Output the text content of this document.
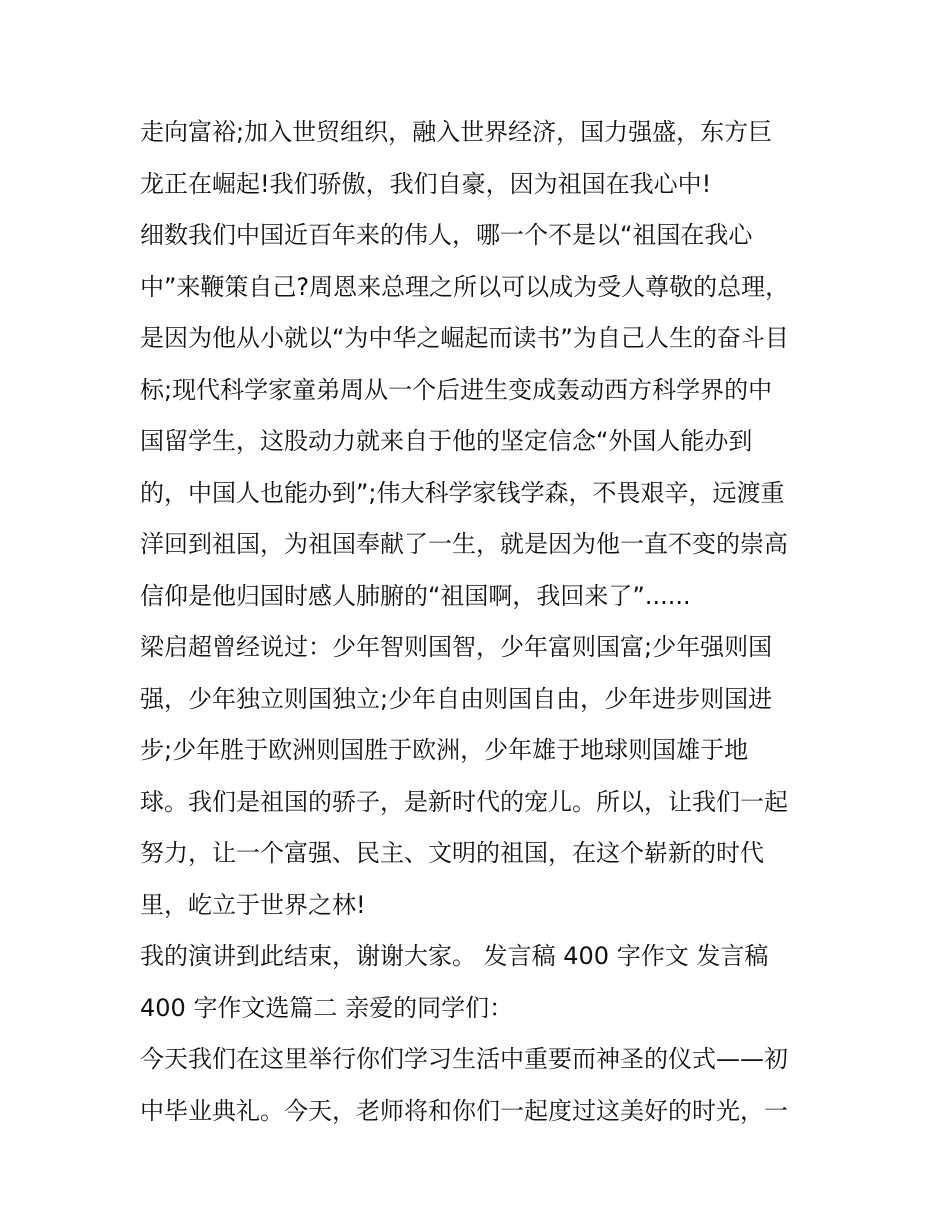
走向富裕;加入世贸组织，融入世界经济，国力强盛，东方巨
龙正在崛起!我们骄傲，我们自豪，因为祖国在我心中!
细数我们中国近百年来的伟人，哪一个不是以“祖国在我心
中”来鞭策自己?周恩来总理之所以可以成为受人尊敬的总理，
是因为他从小就以“为中华之崛起而读书”为自己人生的奋斗目
标;现代科学家童弟周从一个后进生变成轰动西方科学界的中
国留学生，这股动力就来自于他的坚定信念“外国人能办到
的，中国人也能办到”;伟大科学家钱学森，不畏艰辛，远渡重
洋回到祖国，为祖国奉献了一生，就是因为他一直不变的崇高
信仰是他归国时感人肺腑的“祖国啊，我回来了”......
梁启超曾经说过：少年智则国智，少年富则国富;少年强则国
强，少年独立则国独立;少年自由则国自由，少年进步则国进
步;少年胜于欧洲则国胜于欧洲，少年雄于地球则国雄于地
球。我们是祖国的骄子，是新时代的宠儿。所以，让我们一起
努力，让一个富强、民主、文明的祖国，在这个崭新的时代
里，屹立于世界之林!
我的演讲到此结束，谢谢大家。 发言稿 400 字作文 发言稿
400 字作文选篇二 亲爱的同学们：
今天我们在这里举行你们学习生活中重要而神圣的仪式——初
中毕业典礼。今天，老师将和你们一起度过这美好的时光，一
